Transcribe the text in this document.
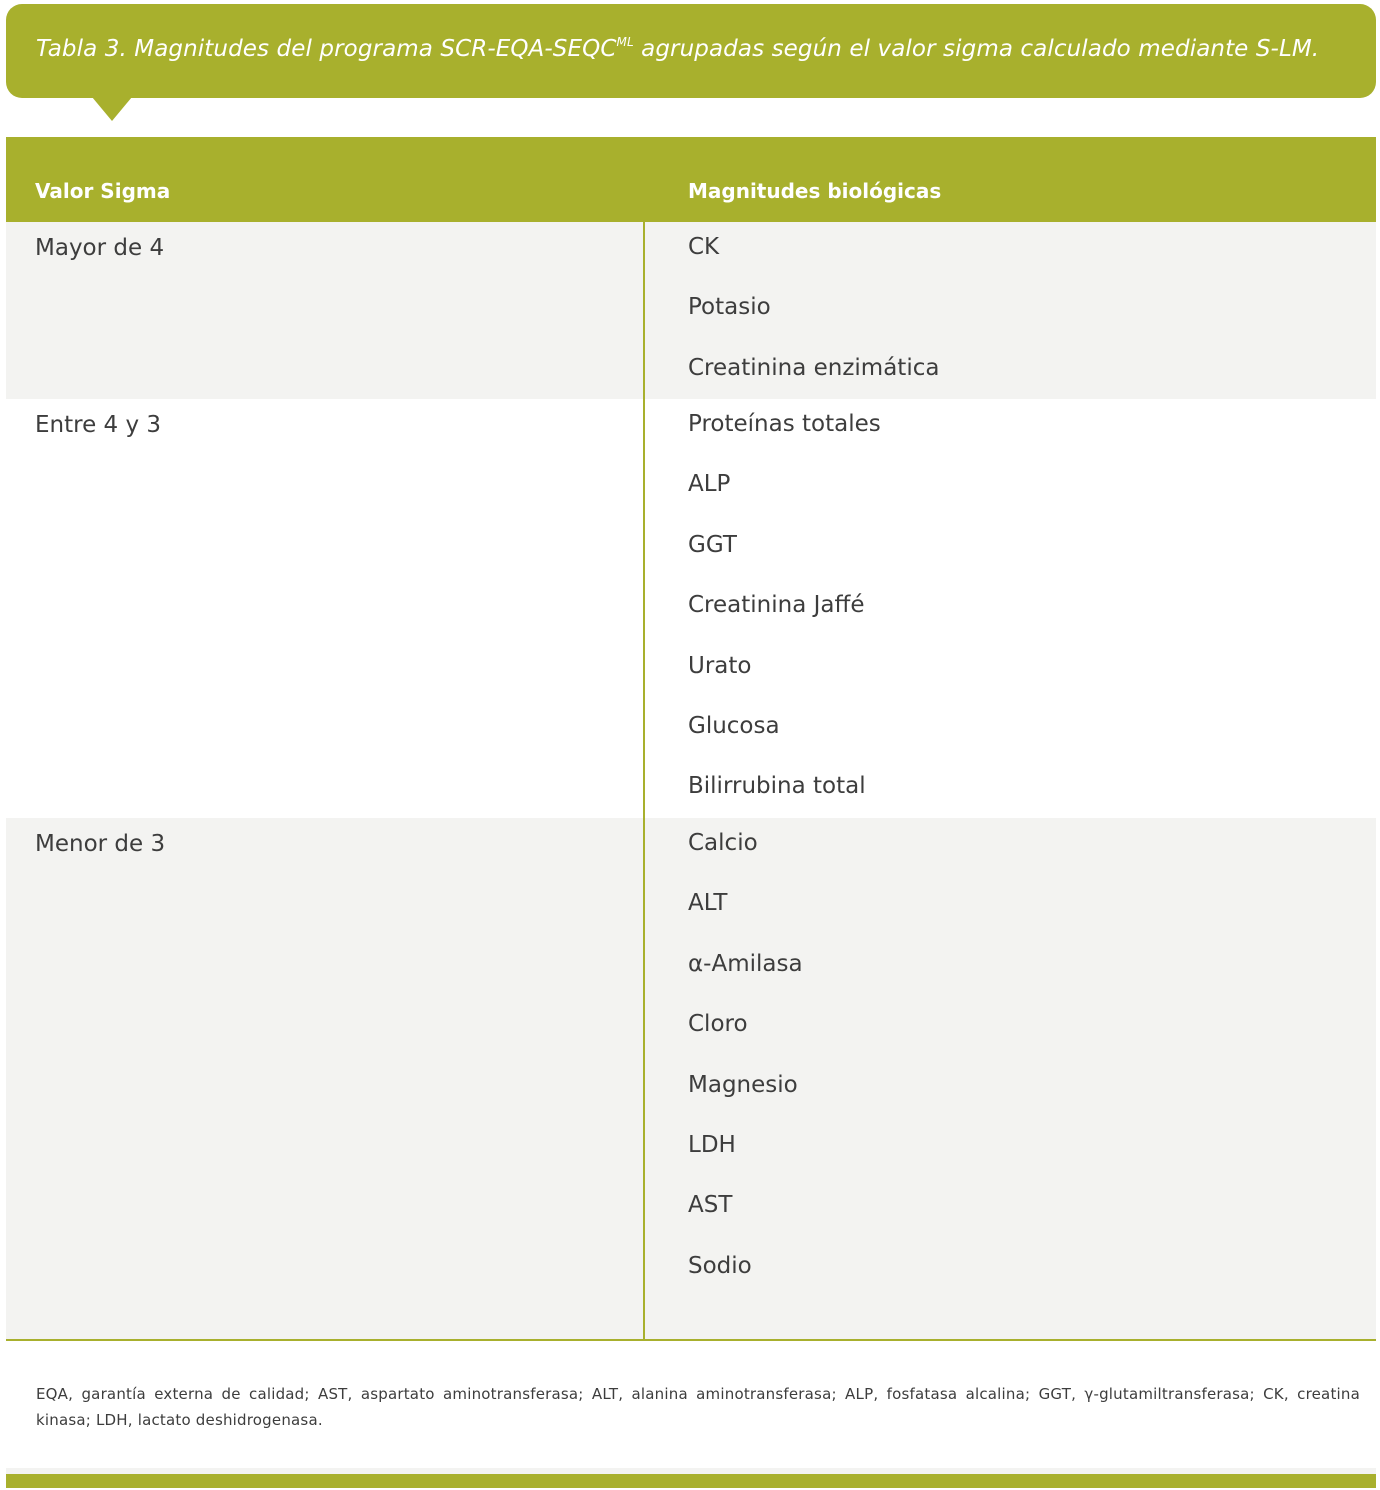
Tabla 3. Magnitudes del programa SCR-$EQA-SEQC^{ML}$ agrupadas según el valor sigma calculado mediante S-LM.
Valor Sigma	Magnitudes biológicas
Mayor de 4	CK
Potasio
Creatinina enzimática
Entre 4 y 3	Proteínas totales
ALP
GGT
Creatinina Jaffé
Urato
Glucosa
Bilirrubina total
Menor de 3	Calcio
ALT
α-Amilasa
Cloro
Magnesio
LDH
AST
Sodio
EQA, garantía externa de calidad; AST, aspartato aminotransferasa; ALT, alanina aminotransferasa; ALP, fosfatasa alcalina; GGT, γ-glutamiltransferasa; CK, creatina kinasa; LDH, lactato deshidrogenasa.
